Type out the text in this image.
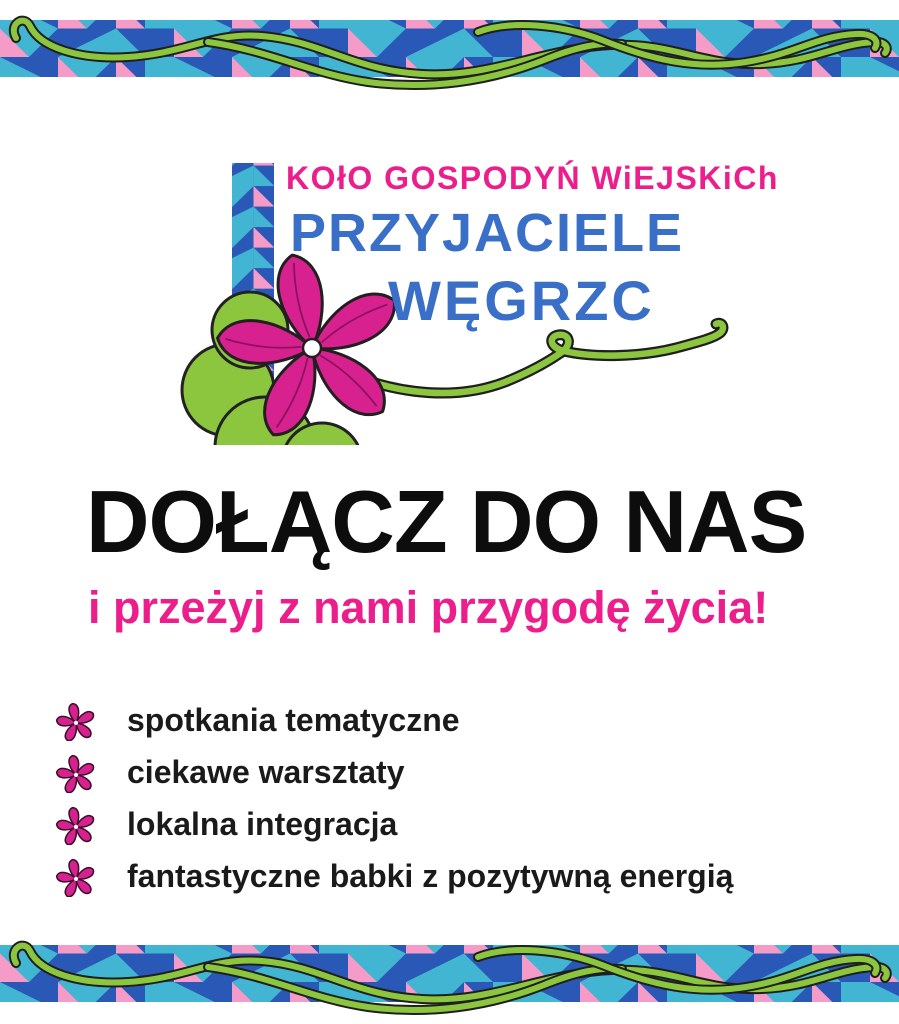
KOłO GOSPODYŃ WiEJSKiCh
PRZYJACIELE
WĘGRZC
DOŁĄCZ DO NAS
i przeżyj z nami przygodę życia!
spotkania tematyczne
ciekawe warsztaty
lokalna integracja
fantastyczne babki z pozytywną energią
